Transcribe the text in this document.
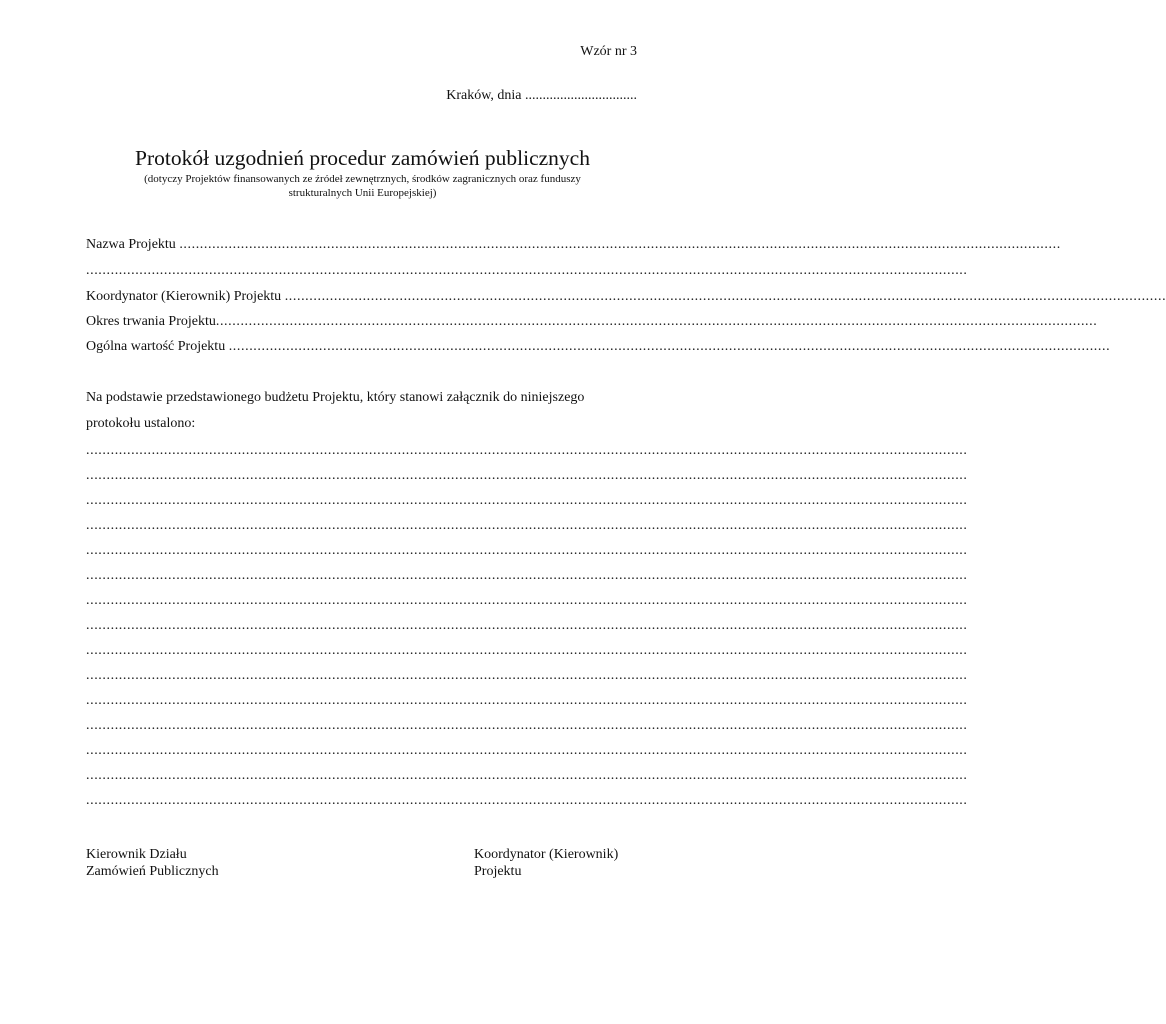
Wzór nr 3
Kraków, dnia ................................
Protokół uzgodnień procedur zamówień publicznych
(dotyczy Projektów finansowanych ze źródeł zewnętrznych, środków zagranicznych oraz funduszy
strukturalnych Unii Europejskiej)
Nazwa Projektu .......................................................................................................................................................................................................................
.......................................................................................................................................................................................................................
Koordynator (Kierownik) Projektu .......................................................................................................................................................................................................................
Okres trwania Projektu .......................................................................................................................................................................................................................
Ogólna wartość Projektu .......................................................................................................................................................................................................................
Na podstawie przedstawionego budżetu Projektu, który stanowi załącznik do niniejszego
protokołu ustalono:
.......................................................................................................................................................................................................................
.......................................................................................................................................................................................................................
.......................................................................................................................................................................................................................
.......................................................................................................................................................................................................................
.......................................................................................................................................................................................................................
.......................................................................................................................................................................................................................
.......................................................................................................................................................................................................................
.......................................................................................................................................................................................................................
.......................................................................................................................................................................................................................
.......................................................................................................................................................................................................................
.......................................................................................................................................................................................................................
.......................................................................................................................................................................................................................
.......................................................................................................................................................................................................................
.......................................................................................................................................................................................................................
.......................................................................................................................................................................................................................
Kierownik Działu
Zamówień Publicznych
Koordynator (Kierownik)
Projektu
